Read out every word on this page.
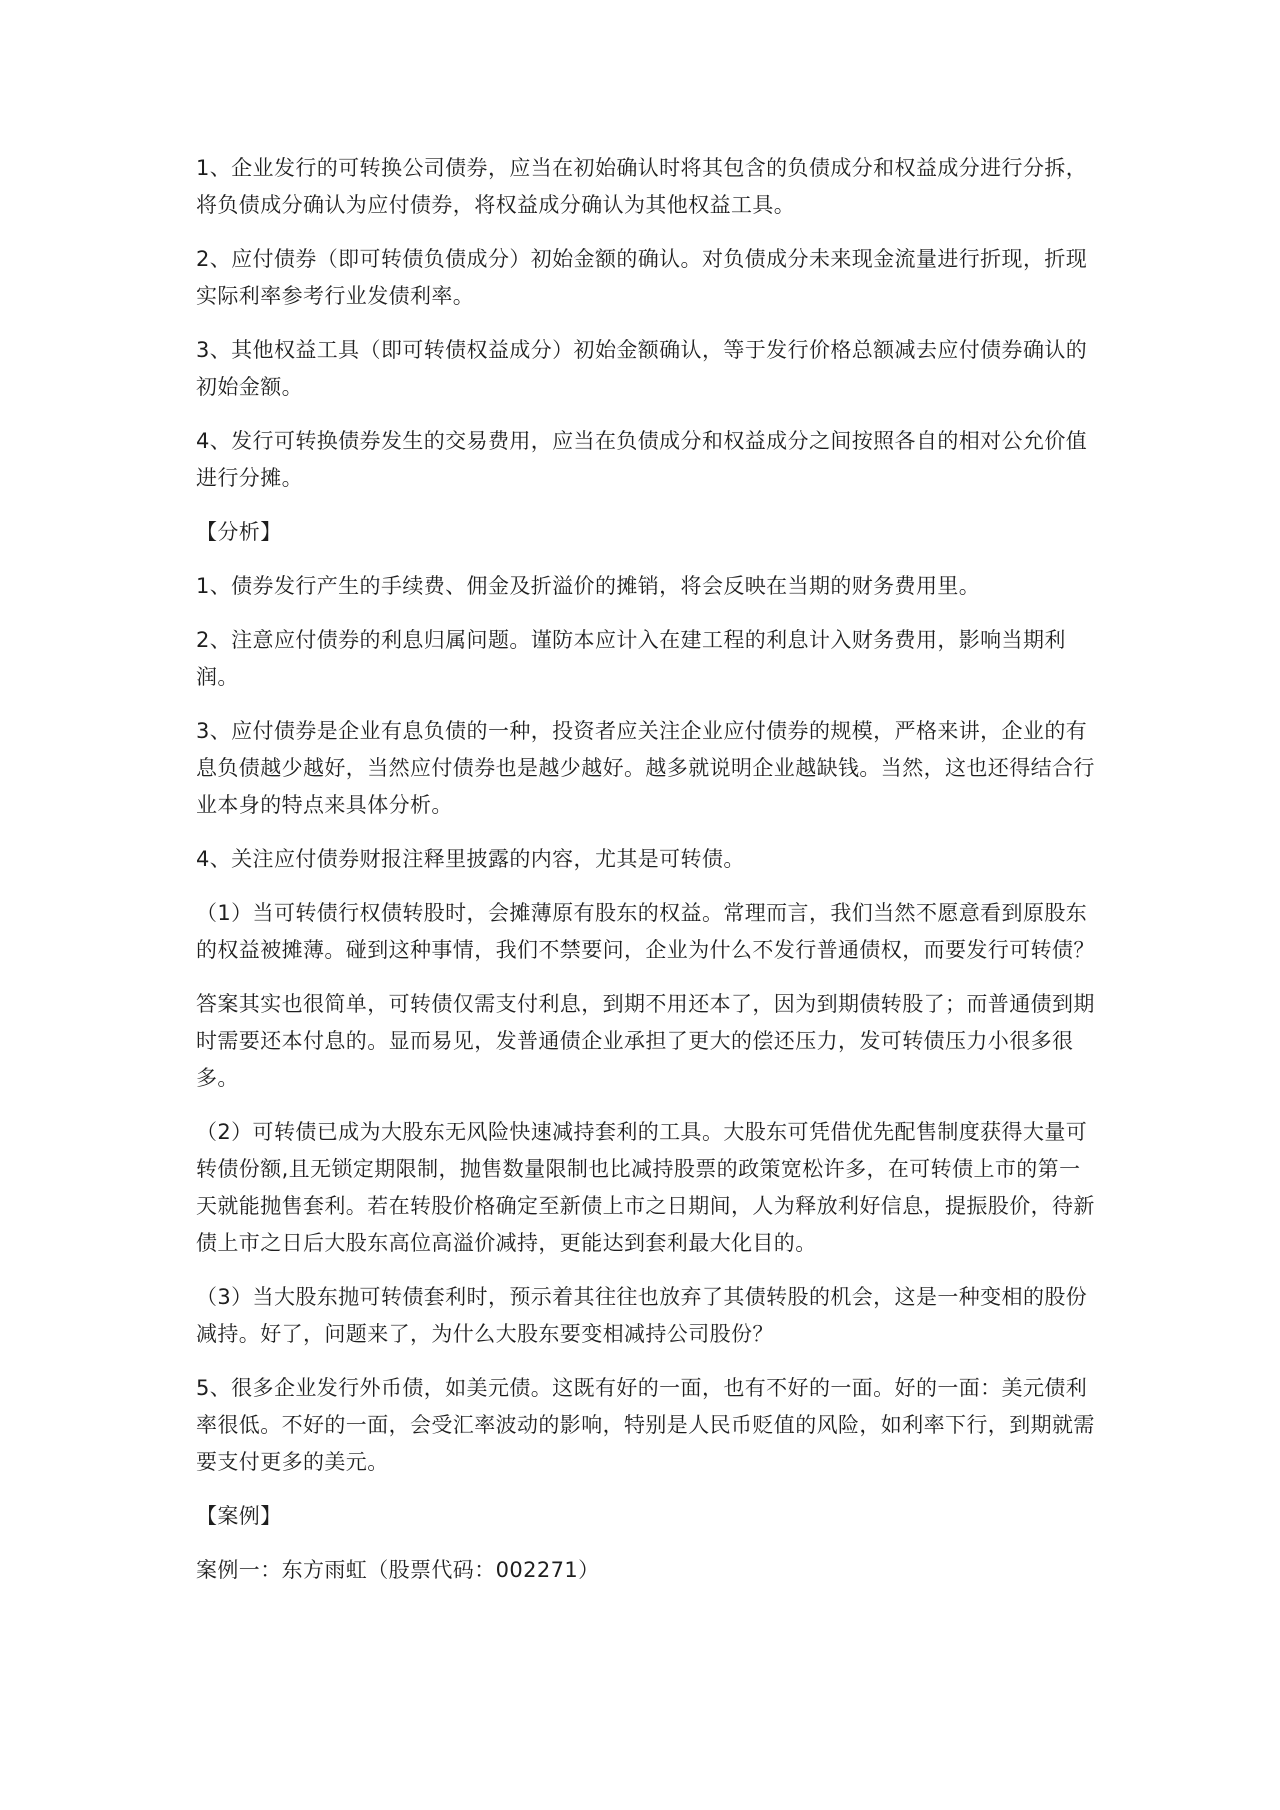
1、企业发行的可转换公司债券，应当在初始确认时将其包含的负债成分和权益成分进行分拆，将负债成分确认为应付债券，将权益成分确认为其他权益工具。

2、应付债券（即可转债负债成分）初始金额的确认。对负债成分未来现金流量进行折现，折现实际利率参考行业发债利率。

3、其他权益工具（即可转债权益成分）初始金额确认，等于发行价格总额减去应付债券确认的初始金额。

4、发行可转换债券发生的交易费用，应当在负债成分和权益成分之间按照各自的相对公允价值进行分摊。

【分析】

1、债券发行产生的手续费、佣金及折溢价的摊销，将会反映在当期的财务费用里。

2、注意应付债券的利息归属问题。谨防本应计入在建工程的利息计入财务费用，影响当期利润。

3、应付债券是企业有息负债的一种，投资者应关注企业应付债券的规模，严格来讲，企业的有息负债越少越好，当然应付债券也是越少越好。越多就说明企业越缺钱。当然，这也还得结合行业本身的特点来具体分析。

4、关注应付债券财报注释里披露的内容，尤其是可转债。

（1）当可转债行权债转股时，会摊薄原有股东的权益。常理而言，我们当然不愿意看到原股东的权益被摊薄。碰到这种事情，我们不禁要问，企业为什么不发行普通债权，而要发行可转债？

答案其实也很简单，可转债仅需支付利息，到期不用还本了，因为到期债转股了；而普通债到期时需要还本付息的。显而易见，发普通债企业承担了更大的偿还压力，发可转债压力小很多很多。

（2）可转债已成为大股东无风险快速减持套利的工具。大股东可凭借优先配售制度获得大量可转债份额,且无锁定期限制，抛售数量限制也比减持股票的政策宽松许多，在可转债上市的第一天就能抛售套利。若在转股价格确定至新债上市之日期间，人为释放利好信息，提振股价，待新债上市之日后大股东高位高溢价减持，更能达到套利最大化目的。

（3）当大股东抛可转债套利时，预示着其往往也放弃了其债转股的机会，这是一种变相的股份减持。好了，问题来了，为什么大股东要变相减持公司股份？

5、很多企业发行外币债，如美元债。这既有好的一面，也有不好的一面。好的一面：美元债利率很低。不好的一面，会受汇率波动的影响，特别是人民币贬值的风险，如利率下行，到期就需要支付更多的美元。

【案例】

案例一：东方雨虹（股票代码：002271）
